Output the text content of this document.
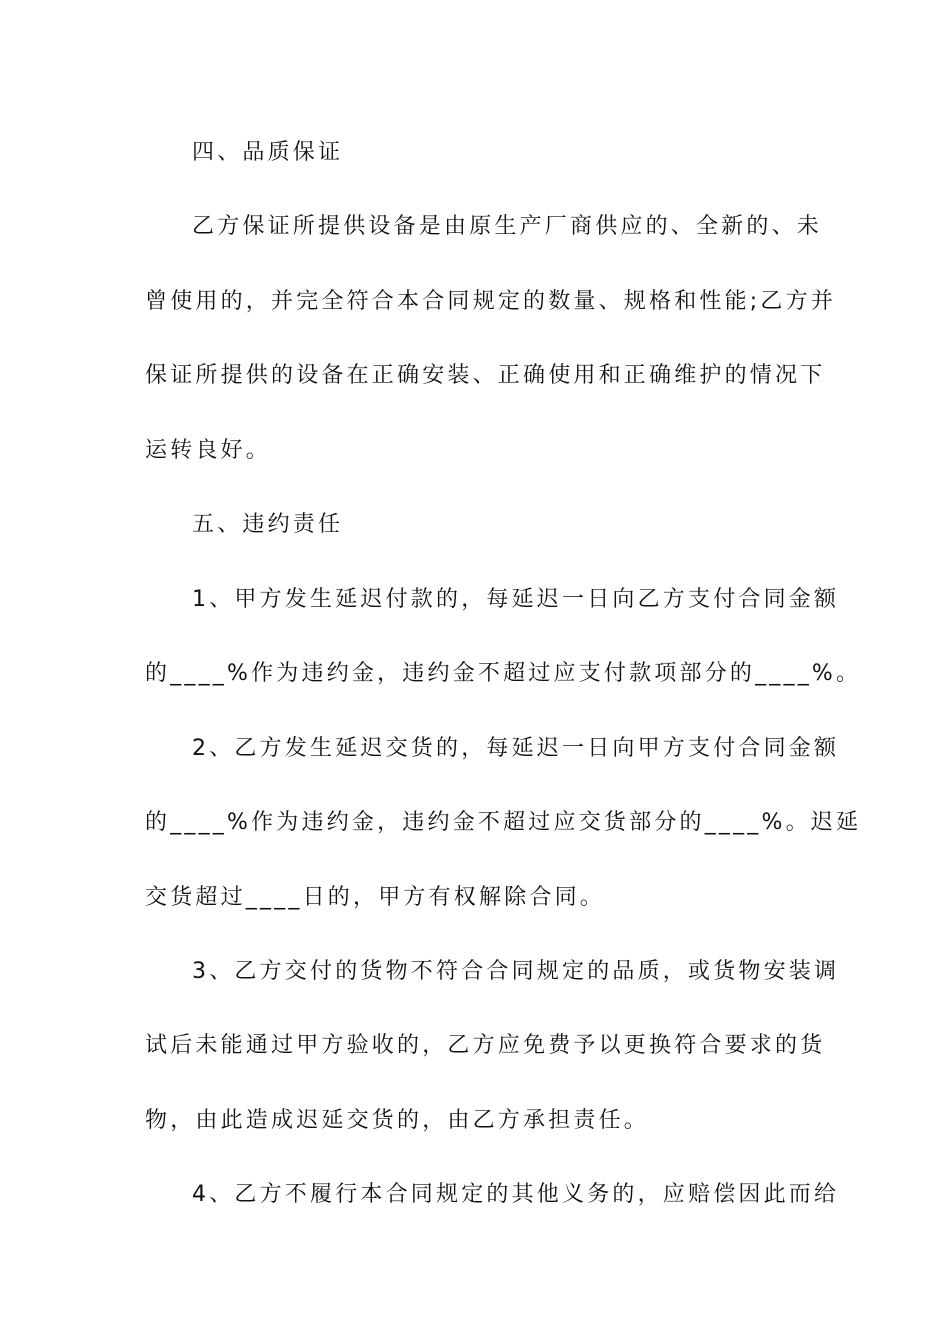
四、品质保证
乙方保证所提供设备是由原生产厂商供应的、全新的、未
曾使用的，并完全符合本合同规定的数量、规格和性能;乙方并
保证所提供的设备在正确安装、正确使用和正确维护的情况下
运转良好。
五、违约责任
1、甲方发生延迟付款的，每延迟一日向乙方支付合同金额
的____%作为违约金，违约金不超过应支付款项部分的____%。
2、乙方发生延迟交货的，每延迟一日向甲方支付合同金额
的____%作为违约金，违约金不超过应交货部分的____%。迟延
交货超过____日的，甲方有权解除合同。
3、乙方交付的货物不符合合同规定的品质，或货物安装调
试后未能通过甲方验收的，乙方应免费予以更换符合要求的货
物，由此造成迟延交货的，由乙方承担责任。
4、乙方不履行本合同规定的其他义务的，应赔偿因此而给
